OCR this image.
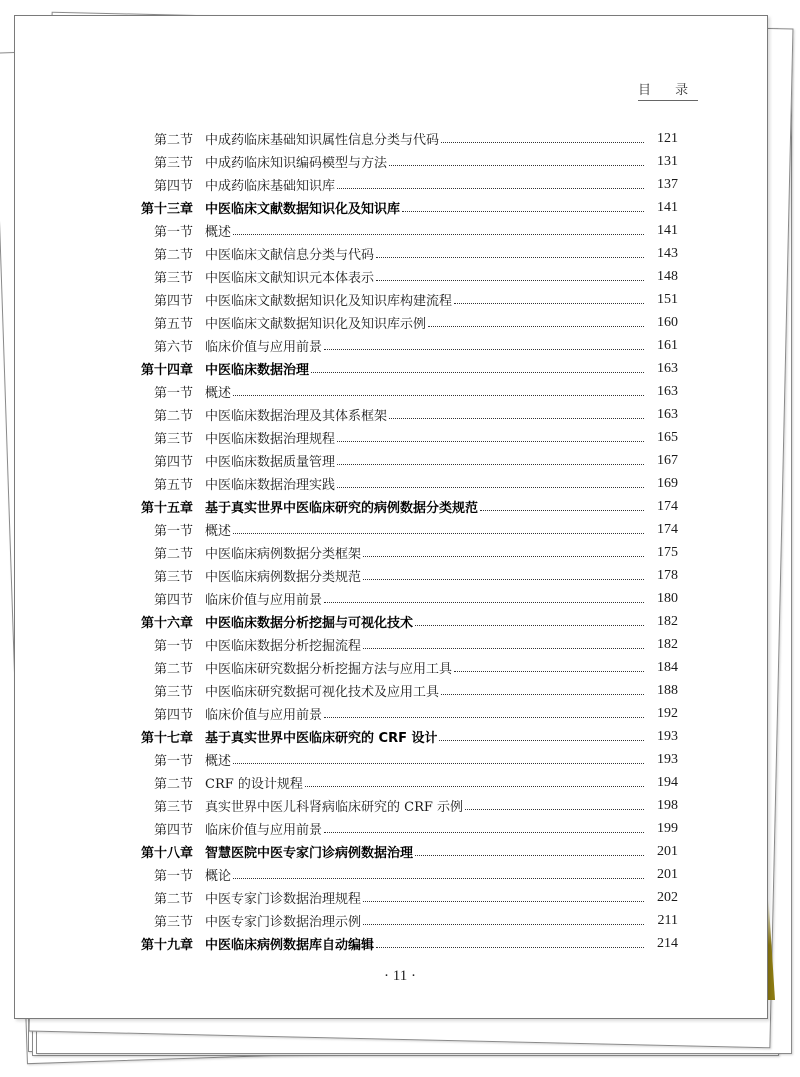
目 录
第二节 中成药临床基础知识属性信息分类与代码	121
第三节 中成药临床知识编码模型与方法	131
第四节 中成药临床基础知识库	137
第十三章 中医临床文献数据知识化及知识库	141
第一节 概述	141
第二节 中医临床文献信息分类与代码	143
第三节 中医临床文献知识元本体表示	148
第四节 中医临床文献数据知识化及知识库构建流程	151
第五节 中医临床文献数据知识化及知识库示例	160
第六节 临床价值与应用前景	161
第十四章 中医临床数据治理	163
第一节 概述	163
第二节 中医临床数据治理及其体系框架	163
第三节 中医临床数据治理规程	165
第四节 中医临床数据质量管理	167
第五节 中医临床数据治理实践	169
第十五章 基于真实世界中医临床研究的病例数据分类规范	174
第一节 概述	174
第二节 中医临床病例数据分类框架	175
第三节 中医临床病例数据分类规范	178
第四节 临床价值与应用前景	180
第十六章 中医临床数据分析挖掘与可视化技术	182
第一节 中医临床数据分析挖掘流程	182
第二节 中医临床研究数据分析挖掘方法与应用工具	184
第三节 中医临床研究数据可视化技术及应用工具	188
第四节 临床价值与应用前景	192
第十七章 基于真实世界中医临床研究的 CRF 设计	193
第一节 概述	193
第二节 CRF 的设计规程	194
第三节 真实世界中医儿科肾病临床研究的 CRF 示例	198
第四节 临床价值与应用前景	199
第十八章 智慧医院中医专家门诊病例数据治理	201
第一节 概论	201
第二节 中医专家门诊数据治理规程	202
第三节 中医专家门诊数据治理示例	211
第十九章 中医临床病例数据库自动编辑	214
· 11 ·
